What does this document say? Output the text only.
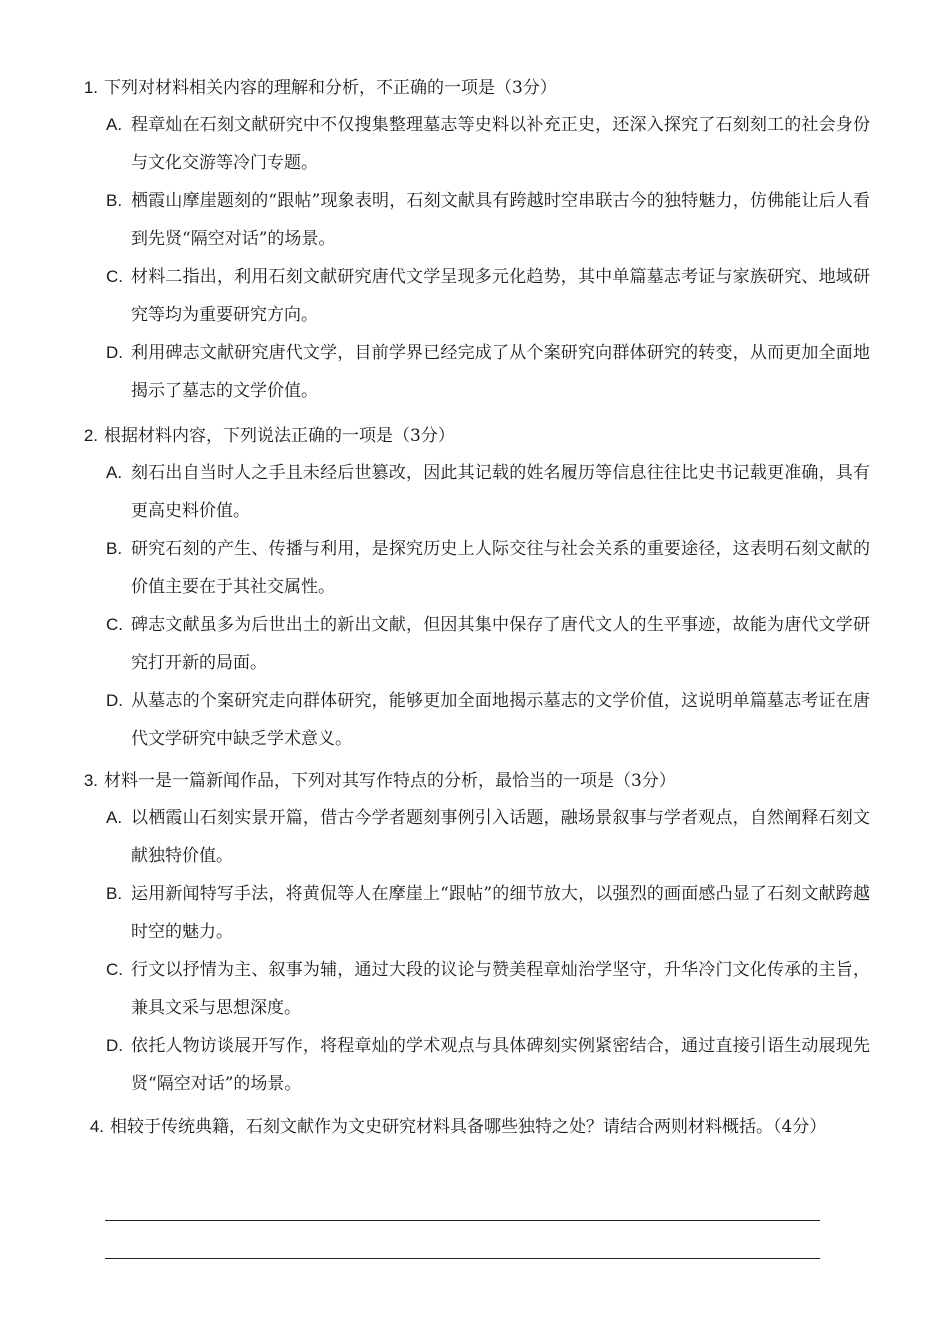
1. 下列对材料相关内容的理解和分析，不正确的一项是（3分）
A. 程章灿在石刻文献研究中不仅搜集整理墓志等史料以补充正史，还深入探究了石刻刻工的社会身份与文化交游等冷门专题。
B. 栖霞山摩崖题刻的“跟帖”现象表明，石刻文献具有跨越时空串联古今的独特魅力，仿佛能让后人看到先贤“隔空对话”的场景。
C. 材料二指出，利用石刻文献研究唐代文学呈现多元化趋势，其中单篇墓志考证与家族研究、地域研究等均为重要研究方向。
D. 利用碑志文献研究唐代文学，目前学界已经完成了从个案研究向群体研究的转变，从而更加全面地揭示了墓志的文学价值。
2. 根据材料内容，下列说法正确的一项是（3分）
A. 刻石出自当时人之手且未经后世篡改，因此其记载的姓名履历等信息往往比史书记载更准确，具有更高史料价值。
B. 研究石刻的产生、传播与利用，是探究历史上人际交往与社会关系的重要途径，这表明石刻文献的价值主要在于其社交属性。
C. 碑志文献虽多为后世出土的新出文献，但因其集中保存了唐代文人的生平事迹，故能为唐代文学研究打开新的局面。
D. 从墓志的个案研究走向群体研究，能够更加全面地揭示墓志的文学价值，这说明单篇墓志考证在唐代文学研究中缺乏学术意义。
3. 材料一是一篇新闻作品，下列对其写作特点的分析，最恰当的一项是（3分）
A. 以栖霞山石刻实景开篇，借古今学者题刻事例引入话题，融场景叙事与学者观点，自然阐释石刻文献独特价值。
B. 运用新闻特写手法，将黄侃等人在摩崖上“跟帖”的细节放大，以强烈的画面感凸显了石刻文献跨越时空的魅力。
C. 行文以抒情为主、叙事为辅，通过大段的议论与赞美程章灿治学坚守，升华冷门文化传承的主旨，兼具文采与思想深度。
D. 依托人物访谈展开写作，将程章灿的学术观点与具体碑刻实例紧密结合，通过直接引语生动展现先贤“隔空对话”的场景。
4. 相较于传统典籍，石刻文献作为文史研究材料具备哪些独特之处？请结合两则材料概括。（4分）
